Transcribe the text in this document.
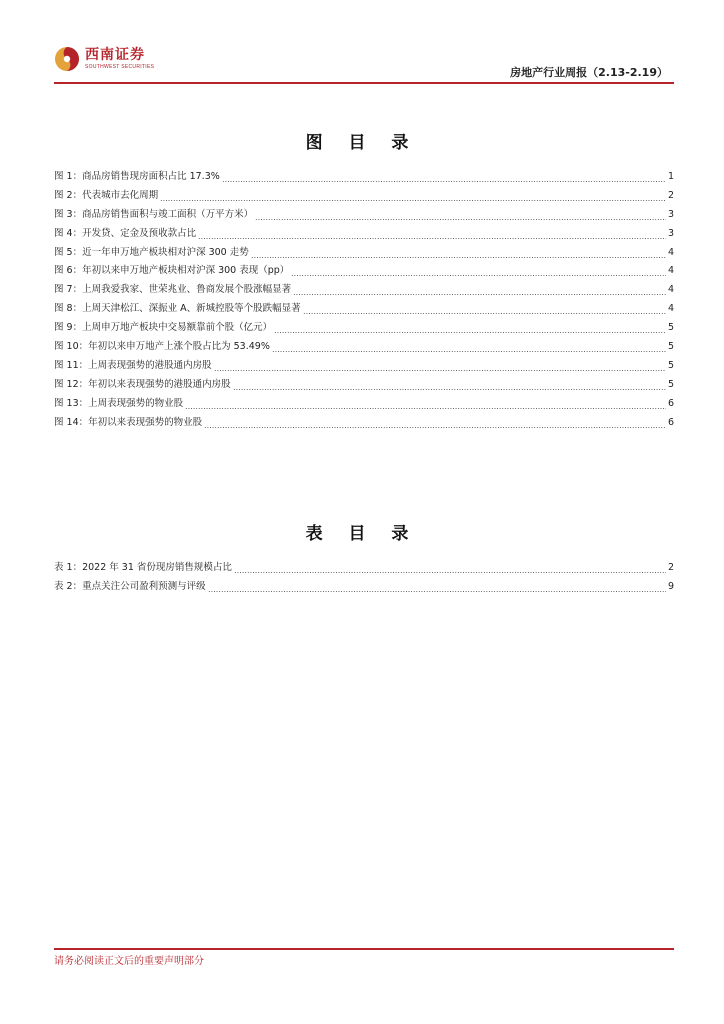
西南证券
SOUTHWEST SECURITIES	房地产行业周报（2.13-2.19）
图 目 录
图 1：商品房销售现房面积占比 17.3%	1
图 2：代表城市去化周期	2
图 3：商品房销售面积与竣工面积（万平方米）	3
图 4：开发贷、定金及预收款占比	3
图 5：近一年申万地产板块相对沪深 300 走势	4
图 6：年初以来申万地产板块相对沪深 300 表现（pp）	4
图 7：上周我爱我家、世荣兆业、鲁商发展个股涨幅显著	4
图 8：上周天津松江、深振业 A、新城控股等个股跌幅显著	4
图 9：上周申万地产板块中交易额靠前个股（亿元）	5
图 10：年初以来申万地产上涨个股占比为 53.49%	5
图 11：上周表现强势的港股通内房股	5
图 12：年初以来表现强势的港股通内房股	5
图 13：上周表现强势的物业股	6
图 14：年初以来表现强势的物业股	6
表 目 录
表 1：2022 年 31 省份现房销售规模占比	2
表 2：重点关注公司盈利预测与评级	9
请务必阅读正文后的重要声明部分
